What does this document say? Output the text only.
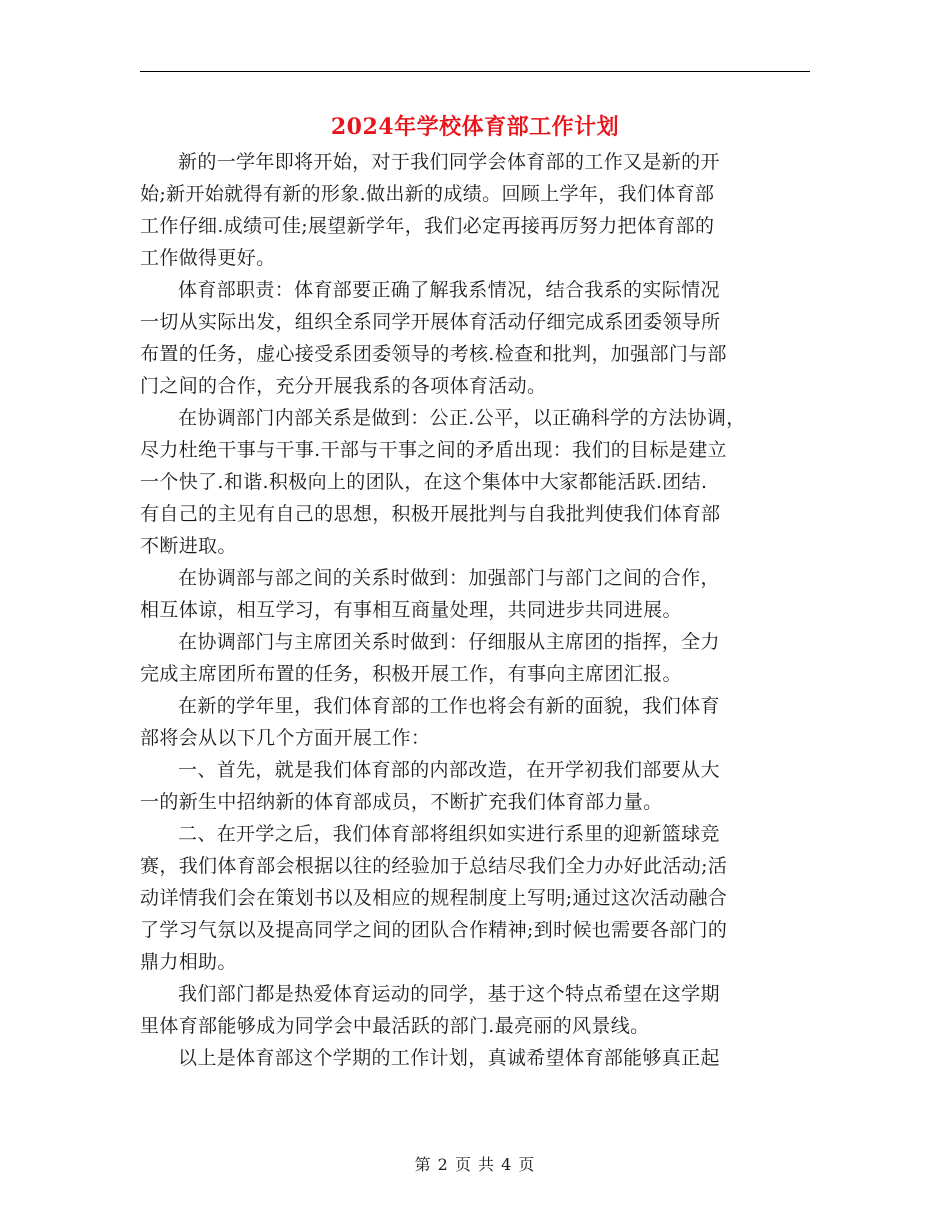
2024年学校体育部工作计划

新的一学年即将开始，对于我们同学会体育部的工作又是新的开
始;新开始就得有新的形象.做出新的成绩。回顾上学年，我们体育部
工作仔细.成绩可佳;展望新学年，我们必定再接再厉努力把体育部的
工作做得更好。

体育部职责：体育部要正确了解我系情况，结合我系的实际情况
一切从实际出发，组织全系同学开展体育活动仔细完成系团委领导所
布置的任务，虚心接受系团委领导的考核.检查和批判，加强部门与部
门之间的合作，充分开展我系的各项体育活动。

在协调部门内部关系是做到：公正.公平，以正确科学的方法协调，
尽力杜绝干事与干事.干部与干事之间的矛盾出现：我们的目标是建立
一个快了.和谐.积极向上的团队，在这个集体中大家都能活跃.团结.
有自己的主见有自己的思想，积极开展批判与自我批判使我们体育部
不断进取。

在协调部与部之间的关系时做到：加强部门与部门之间的合作，
相互体谅，相互学习，有事相互商量处理，共同进步共同进展。

在协调部门与主席团关系时做到：仔细服从主席团的指挥，全力
完成主席团所布置的任务，积极开展工作，有事向主席团汇报。

在新的学年里，我们体育部的工作也将会有新的面貌，我们体育
部将会从以下几个方面开展工作：

一、首先，就是我们体育部的内部改造，在开学初我们部要从大
一的新生中招纳新的体育部成员，不断扩充我们体育部力量。

二、在开学之后，我们体育部将组织如实进行系里的迎新篮球竞
赛，我们体育部会根据以往的经验加于总结尽我们全力办好此活动;活
动详情我们会在策划书以及相应的规程制度上写明;通过这次活动融合
了学习气氛以及提高同学之间的团队合作精神;到时候也需要各部门的
鼎力相助。

我们部门都是热爱体育运动的同学，基于这个特点希望在这学期
里体育部能够成为同学会中最活跃的部门.最亮丽的风景线。

以上是体育部这个学期的工作计划，真诚希望体育部能够真正起

第 2 页 共 4 页
